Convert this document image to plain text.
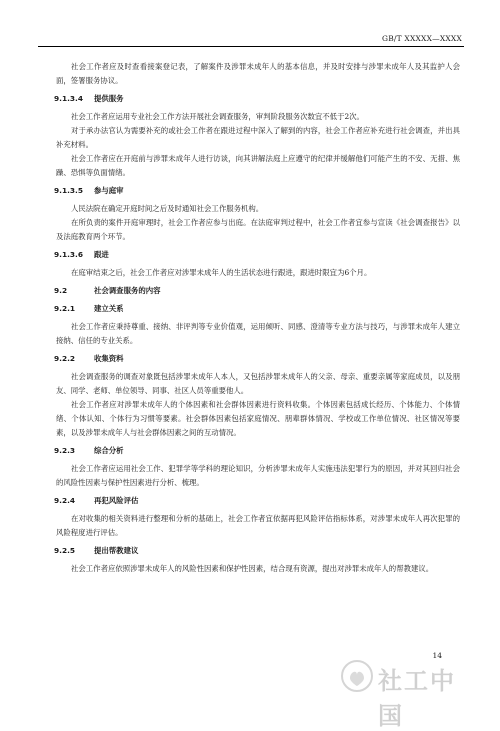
GB/T XXXXX—XXXX

社会工作者应及时查看接案登记表，了解案件及涉罪未成年人的基本信息，并及时安排与涉罪未成年人及其监护人会面，签署服务协议。

9.1.3.4 提供服务

社会工作者应运用专业社会工作方法开展社会调查服务，审判阶段服务次数宜不低于2次。

对于承办法官认为需要补充的或社会工作者在跟进过程中深入了解到的内容，社会工作者应补充进行社会调查，并出具补充材料。

社会工作者应在开庭前与涉罪未成年人进行访谈，向其讲解法庭上应遵守的纪律并缓解他们可能产生的不安、无措、焦躁、恐惧等负面情绪。

9.1.3.5 参与庭审

人民法院在确定开庭时间之后及时通知社会工作服务机构。

在所负责的案件开庭审理时，社会工作者应参与出庭。在法庭审判过程中，社会工作者宜参与宣读《社会调查报告》以及法庭教育两个环节。

9.1.3.6 跟进

在庭审结束之后，社会工作者应对涉罪未成年人的生活状态进行跟进，跟进时限宜为6个月。

9.2	社会调查服务的内容
9.2.1	建立关系

社会工作者应秉持尊重、接纳、非评判等专业价值观，运用倾听、同感、澄清等专业方法与技巧，与涉罪未成年人建立接纳、信任的专业关系。

9.2.2	收集资料

社会调查服务的调查对象既包括涉罪未成年人本人，又包括涉罪未成年人的父亲、母亲、重要亲属等家庭成员，以及朋友、同学、老师、单位领导、同事、社区人员等重要他人。

社会工作者应对涉罪未成年人的个体因素和社会群体因素进行资料收集。个体因素包括成长经历、个体能力、个体情绪、个体认知、个体行为习惯等要素。社会群体因素包括家庭情况、朋辈群体情况、学校或工作单位情况、社区情况等要素，以及涉罪未成年人与社会群体因素之间的互动情况。

9.2.3	综合分析

社会工作者应运用社会工作、犯罪学等学科的理论知识，分析涉罪未成年人实施违法犯罪行为的原因，并对其回归社会的风险性因素与保护性因素进行分析、梳理。

9.2.4	再犯风险评估

在对收集的相关资料进行整理和分析的基础上，社会工作者宜依据再犯风险评估指标体系，对涉罪未成年人再次犯罪的风险程度进行评估。

9.2.5	提出帮教建议

社会工作者应依照涉罪未成年人的风险性因素和保护性因素，结合现有资源，提出对涉罪未成年人的帮教建议。

14
社工中国
